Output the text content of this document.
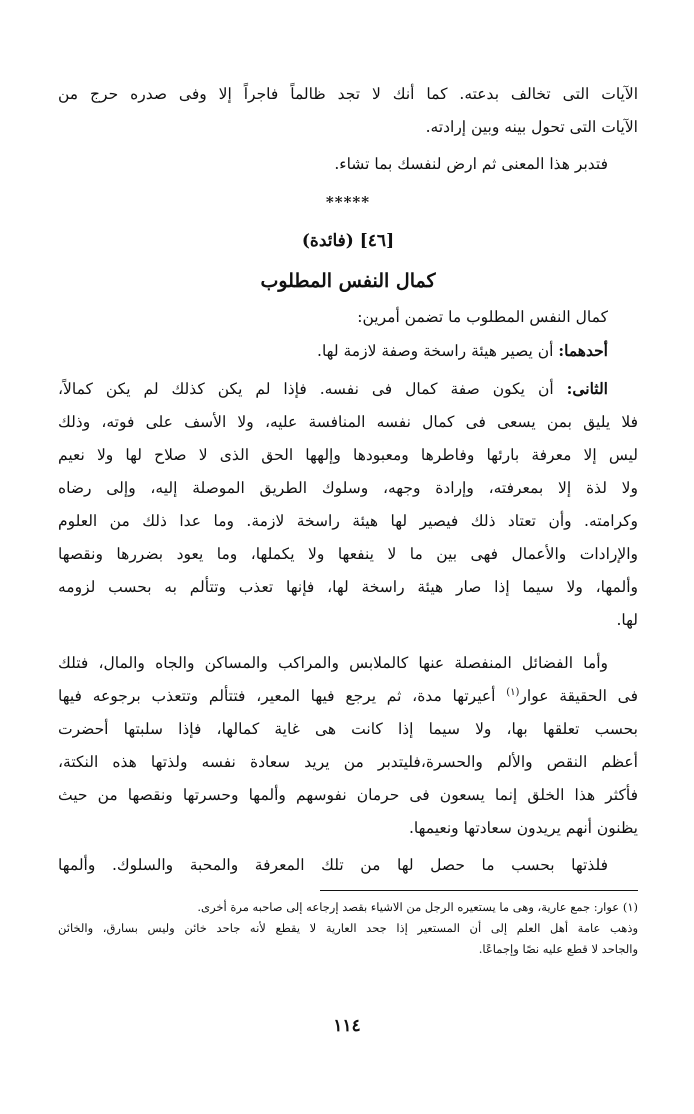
الآيات التى تخالف بدعته. كما أنك لا تجد ظالماً فاجراً إلا وفى صدره حرج من
الآيات التى تحول بينه وبين إرادته.

فتدبر هذا المعنى ثم ارض لنفسك بما تشاء.

*****

[٤٦] (فائدة)

كمال النفس المطلوب

كمال النفس المطلوب ما تضمن أمرين:

أحدهما: أن يصير هيئة راسخة وصفة لازمة لها.

الثانى: أن يكون صفة كمال فى نفسه. فإذا لم يكن كذلك لم يكن كمالاً،
فلا يليق بمن يسعى فى كمال نفسه المنافسة عليه، ولا الأسف على فوته، وذلك
ليس إلا معرفة بارئها وفاطرها ومعبودها وإلهها الحق الذى لا صلاح لها ولا نعيم
ولا لذة إلا بمعرفته، وإرادة وجهه، وسلوك الطريق الموصلة إليه، وإلى رضاه
وكرامته. وأن تعتاد ذلك فيصير لها هيئة راسخة لازمة. وما عدا ذلك من العلوم
والإرادات والأعمال فهى بين ما لا ينفعها ولا يكملها، وما يعود بضررها ونقصها
وألمها، ولا سيما إذا صار هيئة راسخة لها، فإنها تعذب وتتألم به بحسب لزومه
لها.

وأما الفضائل المنفصلة عنها كالملابس والمراكب والمساكن والجاه والمال، فتلك
فى الحقيقة عوار$^{(١)}$ أعيرتها مدة، ثم يرجع فيها المعير، فتتألم وتتعذب برجوعه فيها
بحسب تعلقها بها، ولا سيما إذا كانت هى غاية كمالها، فإذا سلبتها أحضرت
أعظم النقص والألم والحسرة،فليتدبر من يريد سعادة نفسه ولذتها هذه النكتة،
فأكثر هذا الخلق إنما يسعون فى حرمان نفوسهم وألمها وحسرتها ونقصها من حيث
يظنون أنهم يريدون سعادتها ونعيمها.

فلذتها بحسب ما حصل لها من تلك المعرفة والمحبة والسلوك. وألمها

(١) عوار: جمع عارية، وهى ما يستعيره الرجل من الاشياء بقصد إرجاعه إلى صاحبه مرة أخرى.
وذهب عامة أهل العلم إلى أن المستعير إذا جحد العارية لا يقطع لأنه جاحد خائن وليس بسارق، والخائن
والجاحد لا قطع عليه نصًا وإجماعًا.

١١٤
